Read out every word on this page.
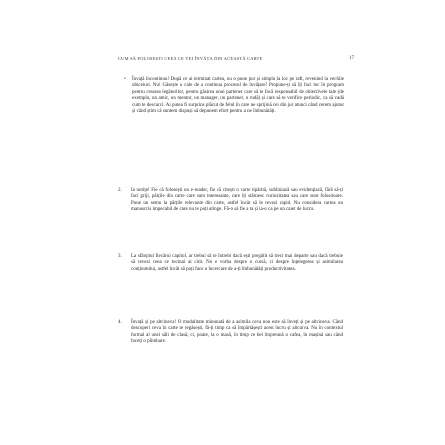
CUM SĂ FOLOSEȘTI CEEA CE VEI ÎNVĂȚA DIN ACEASTĂ CARTE	17
• Învață încontinuu! După ce ai terminat cartea, nu o pune pur și simplu la loc pe raft, revenind la vechile obiceiuri. Nu! Găsește o cale de a continua procesul de învățare! Propune-ți să îți faci loc în program pentru crearea legăturilor, pentru găsirea unui partener care să te facă responsabil de obiectivele tale (de exemplu, un amic, un mentor, un manager, un partener, o rudă) și care să te verifice periodic, ca să vadă cum te descurci. Ai putea fi surprins plăcut de felul în care ne sprijină cei din jur atunci când cerem ajutor și când știm că suntem dispuși să depunem efort pentru a ne îmbunătăți.
2. Ia notițe! Fie că folosești un e-reader, fie că citești o carte tipărită, subliniază sau evidențiază, fără să-ți faci griji, părțile din carte care sunt interesante, care îți stârnesc curiozitatea sau care sunt folositoare. Pune un semn la părțile relevante din carte, astfel încât să le revezi rapid. Nu considera cartea un manuscris impecabil de care nu te poți atinge. Fă-o să fie a ta și ia-o ca pe un caiet de lucru.
3. La sfârșitul fiecărui capitol, ar trebui să te întrebi dacă ești pregătit să treci mai departe sau dacă trebuie să revezi ceea ce tocmai ai citit. Nu e vorba despre o cursă, ci despre înțelegerea și asimilarea conținutului, astfel încât să poți face o încercare de a-ți îmbunătăți productivitatea.
4. Învață și pe altcineva! O modalitate minunată de a asimila ceva nou este să înveți și pe altcineva. Când descoperi ceva în carte te regăsești, fă-ți timp ca să împărtășești acest lucru și altcuiva. Nu în contextul formal al unei săli de clasă, ci, poate, la o masă, în timp ce bei împreună o cafea, în mașină sau când faceți o plimbare.
